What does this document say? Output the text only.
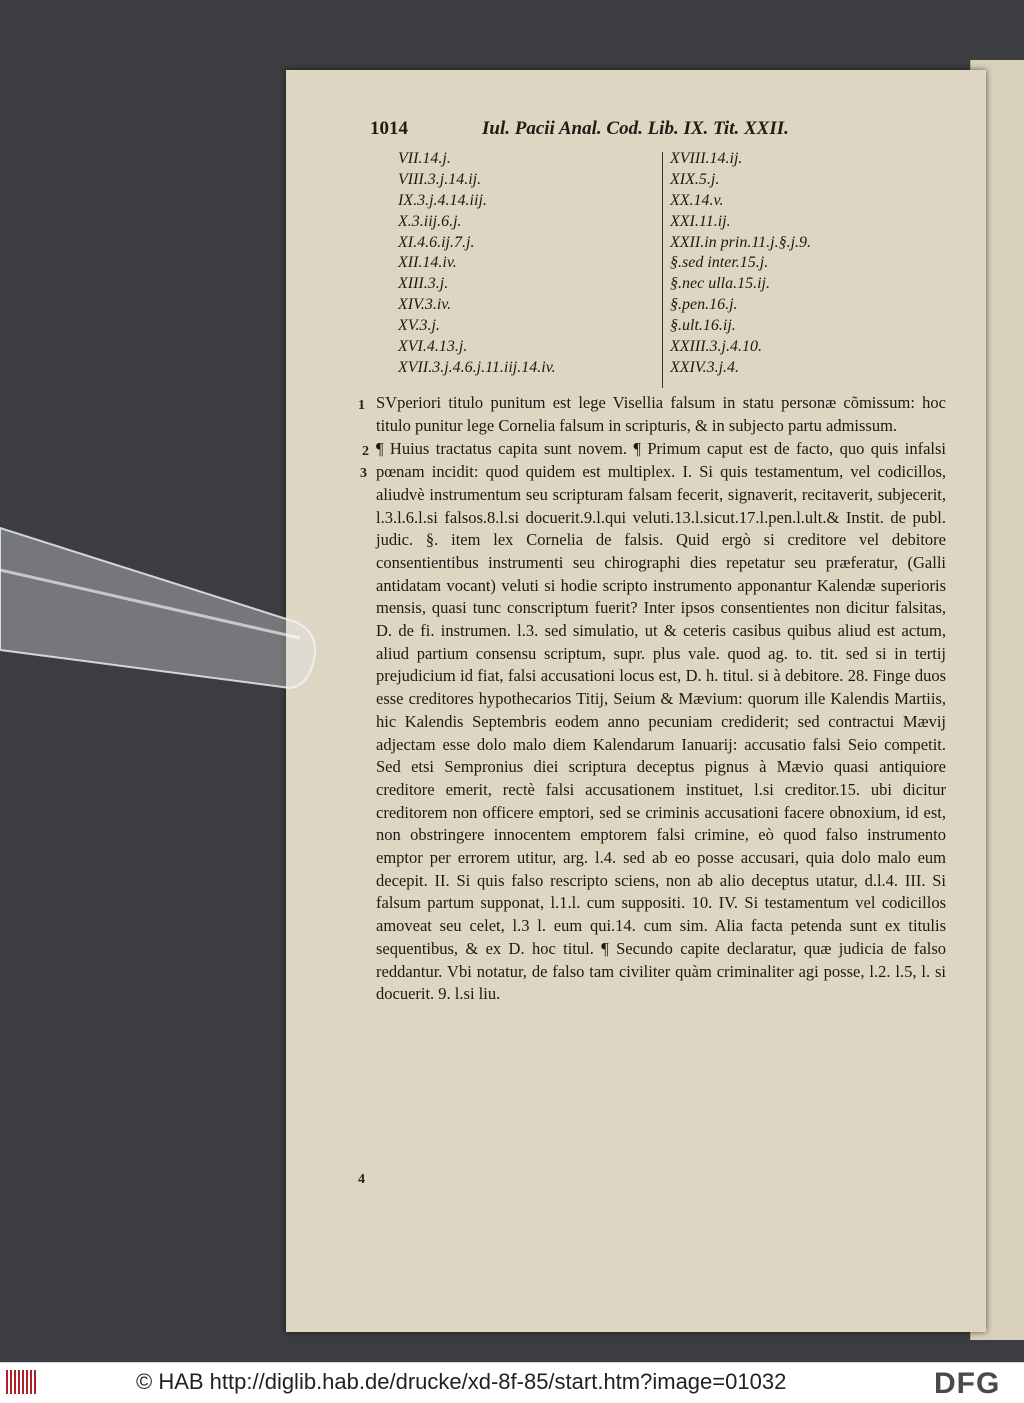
1014	Iul. Pacii Anal. Cod. Lib. IX. Tit. XXII.
VII.14.j.
VIII.3.j.14.ij.
IX.3.j.4.14.iij.
X.3.iij.6.j.
XI.4.6.ij.7.j.
XII.14.iv.
XIII.3.j.
XIV.3.iv.
XV.3.j.
XVI.4.13.j.
XVII.3.j.4.6.j.11.iij.14.iv.
XVIII.14.ij.
XIX.5.j.
XX.14.v.
XXI.11.ij.
XXII.in prin.11.j.§.j.9.
§.sed inter.15.j.
§.nec ulla.15.ij.
§.pen.16.j.
§.ult.16.ij.
XXIII.3.j.4.10.
XXIV.3.j.4.
1
2
3
4

SVperiori titulo punitum est lege Visellia falsum in statu personæ cõmissum: hoc titulo punitur lege Cornelia falsum in scripturis, & in subjecto partu admissum.

¶ Huius tractatus capita sunt novem. ¶ Primum caput est de facto, quo quis infalsi pœnam incidit: quod quidem est multiplex. I. Si quis testamentum, vel codicillos, aliudvè instrumentum seu scripturam falsam fecerit, signaverit, recitaverit, subjecerit, l.3.l.6.l.si falsos.8.l.si docuerit.9.l.qui veluti.13.l.sicut.17.l.pen.l.ult.& Instit. de publ. judic. §. item lex Cornelia de falsis. Quid ergò si creditore vel debitore consentientibus instrumenti seu chirographi dies repetatur seu præferatur, (Galli antidatam vocant) veluti si hodie scripto instrumento apponantur Kalendæ superioris mensis, quasi tunc conscriptum fuerit? Inter ipsos consentientes non dicitur falsitas, D. de fi. instrumen. l.3. sed simulatio, ut & ceteris casibus quibus aliud est actum, aliud partium consensu scriptum, supr. plus vale. quod ag. to. tit. sed si in tertij prejudicium id fiat, falsi accusationi locus est, D. h. titul. si à debitore. 28. Finge duos esse creditores hypothecarios Titij, Seium & Mævium: quorum ille Kalendis Martiis, hic Kalendis Septembris eodem anno pecuniam crediderit; sed contractui Mævij adjectam esse dolo malo diem Kalendarum Ianuarij: accusatio falsi Seio competit. Sed etsi Sempronius diei scriptura deceptus pignus à Mævio quasi antiquiore creditore emerit, rectè falsi accusationem instituet, l.si creditor.15. ubi dicitur creditorem non officere emptori, sed se criminis accusationi facere obnoxium, id est, non obstringere innocentem emptorem falsi crimine, eò quod falso instrumento emptor per errorem utitur, arg. l.4. sed ab eo posse accusari, quia dolo malo eum decepit. II. Si quis falso rescripto sciens, non ab alio deceptus utatur, d.l.4. III. Si falsum partum supponat, l.1.l. cum suppositi. 10. IV. Si testamentum vel codicillos amoveat seu celet, l.3 l. eum qui.14. cum sim. Alia facta petenda sunt ex titulis sequentibus, & ex D. hoc titul. ¶ Secundo capite declaratur, quæ judicia de falso reddantur. Vbi notatur, de falso tam civiliter quàm criminaliter agi posse, l.2. l.5, l. si docuerit. 9. l.si liu.

© HAB http://diglib.hab.de/drucke/xd-8f-85/start.htm?image=01032	DFG
